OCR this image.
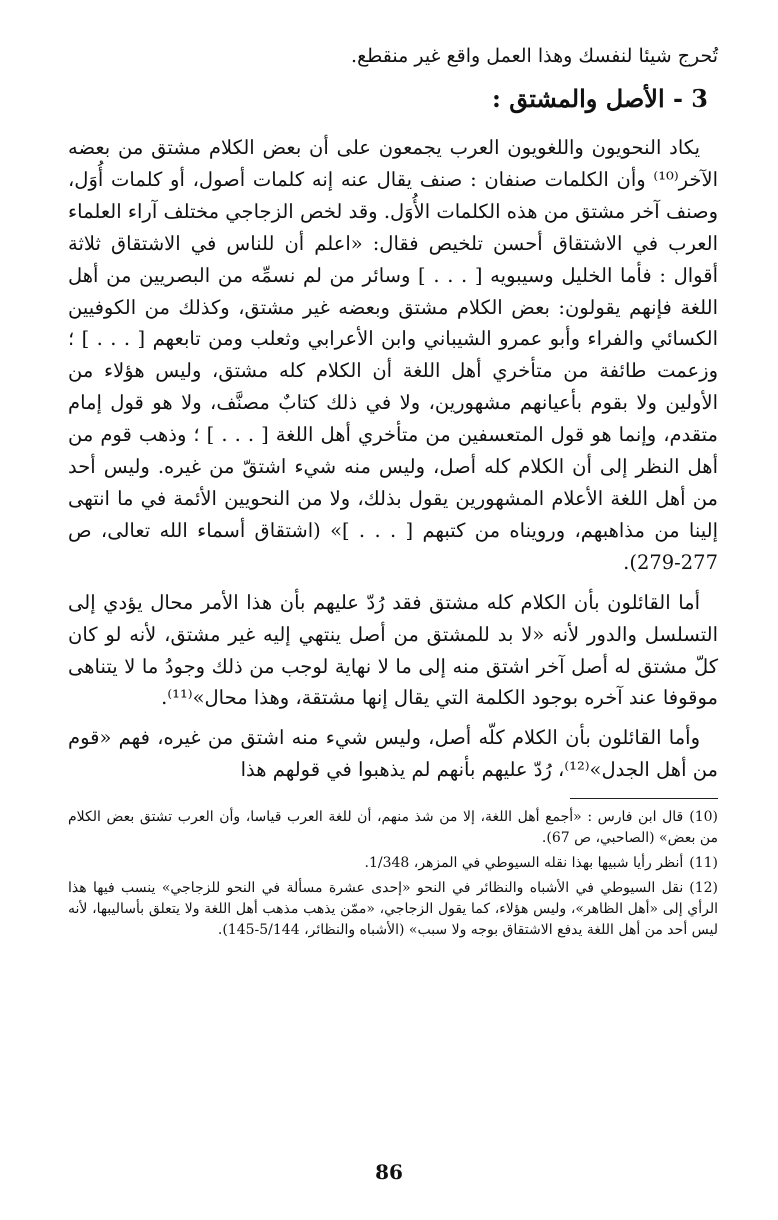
تُحرج شيئا لنفسك وهذا العمل واقع غير منقطع.

3 - الأصل والمشتق :

يكاد النحويون واللغويون العرب يجمعون على أن بعض الكلام مشتق من بعضه الآخر⁽¹⁰⁾ وأن الكلمات صنفان : صنف يقال عنه إنه كلمات أصول، أو كلمات أُوَل، وصنف آخر مشتق من هذه الكلمات الأُوَل. وقد لخص الزجاجي مختلف آراء العلماء العرب في الاشتقاق أحسن تلخيص فقال: «اعلم أن للناس في الاشتقاق ثلاثة أقوال : فأما الخليل وسيبويه [ . . . ] وسائر من لم نسمِّه من البصريين من أهل اللغة فإنهم يقولون: بعض الكلام مشتق وبعضه غير مشتق، وكذلك من الكوفيين الكسائي والفراء وأبو عمرو الشيباني وابن الأعرابي وثعلب ومن تابعهم [ . . . ] ؛ وزعمت طائفة من متأخري أهل اللغة أن الكلام كله مشتق، وليس هؤلاء من الأولين ولا بقوم بأعيانهم مشهورين، ولا في ذلك كتابٌ مصنَّف، ولا هو قول إمام متقدم، وإنما هو قول المتعسفين من متأخري أهل اللغة [ . . . ] ؛ وذهب قوم من أهل النظر إلى أن الكلام كله أصل، وليس منه شيء اشتقّ من غيره. وليس أحد من أهل اللغة الأعلام المشهورين يقول بذلك، ولا من النحويين الأئمة في ما انتهى إلينا من مذاهبهم، ورويناه من كتبهم [ . . . ]» (اشتقاق أسماء الله تعالى، ص 277-279).

أما القائلون بأن الكلام كله مشتق فقد رُدّ عليهم بأن هذا الأمر محال يؤدي إلى التسلسل والدور لأنه «لا بد للمشتق من أصل ينتهي إليه غير مشتق، لأنه لو كان كلّ مشتق له أصل آخر اشتق منه إلى ما لا نهاية لوجب من ذلك وجودُ ما لا يتناهى موقوفا عند آخره بوجود الكلمة التي يقال إنها مشتقة، وهذا محال»⁽¹¹⁾.

وأما القائلون بأن الكلام كلّه أصل، وليس شيء منه اشتق من غيره، فهم «قوم من أهل الجدل»⁽¹²⁾، رُدّ عليهم بأنهم لم يذهبوا في قولهم هذا

(10)قال ابن فارس : «أجمع أهل اللغة، إلا من شذ منهم، أن للغة العرب قياسا، وأن العرب تشتق بعض الكلام من بعض» (الصاحبي، ص 67).

(11)أنظر رأيا شبيها بهذا نقله السيوطي في المزهر، 1/348.

(12)نقل السيوطي في الأشباه والنظائر في النحو «إحدى عشرة مسألة في النحو للزجاجي» ينسب فيها هذا الرأي إلى «أهل الظاهر»، وليس هؤلاء، كما يقول الزجاجي، «ممّن يذهب مذهب أهل اللغة ولا يتعلق بأساليبها، لأنه ليس أحد من أهل اللغة يدفع الاشتقاق بوجه ولا سبب» (الأشباه والنظائر، 5/144-145).

86
